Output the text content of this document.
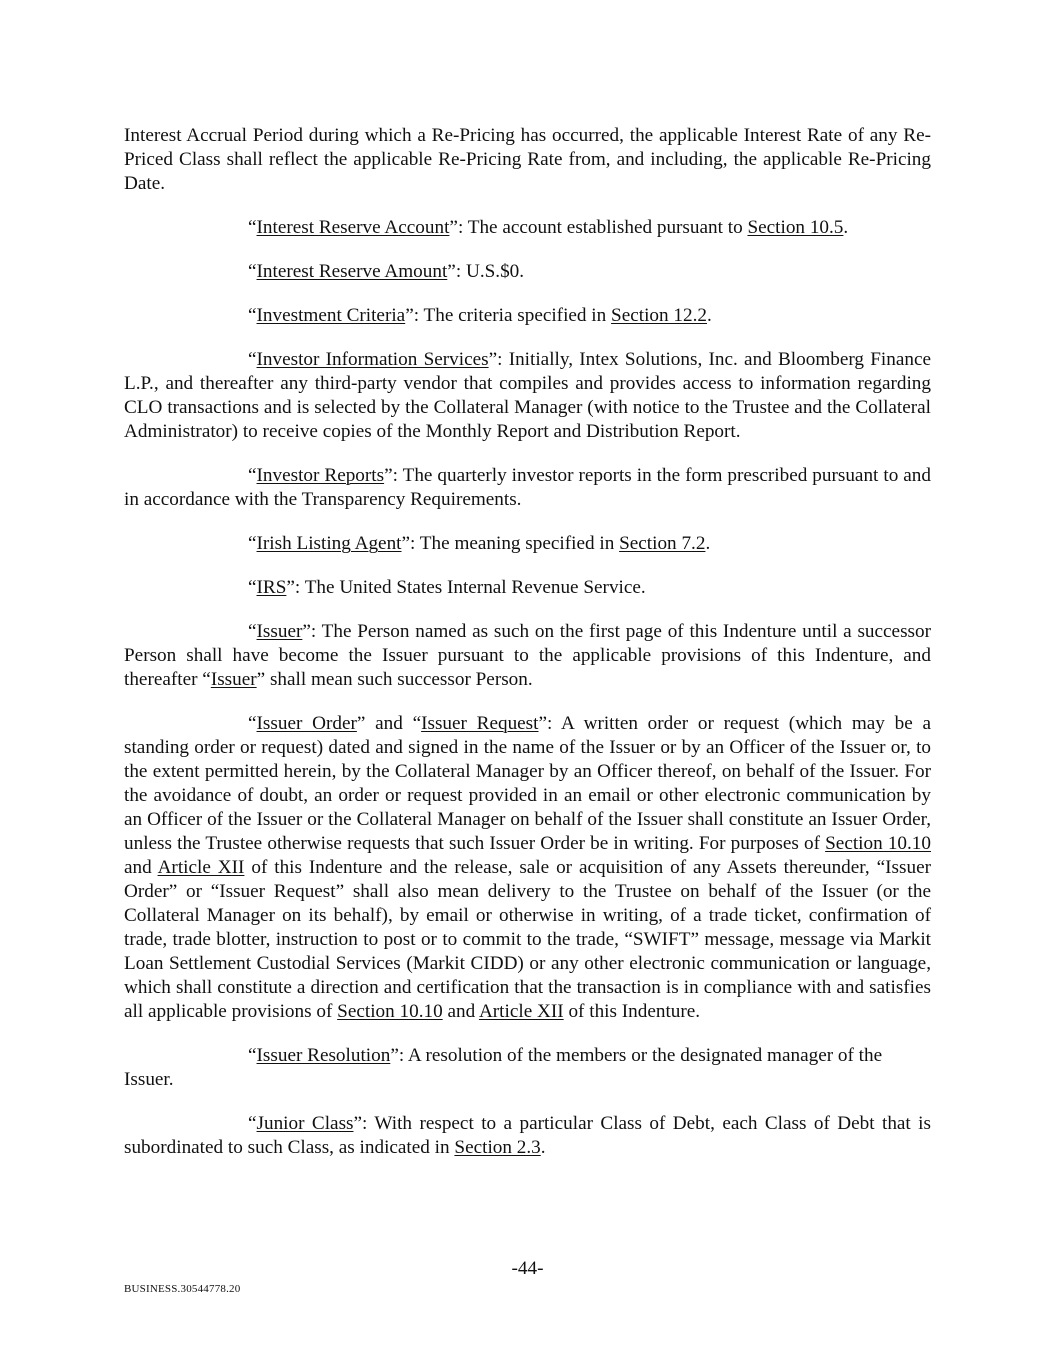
Interest Accrual Period during which a Re-Pricing has occurred, the applicable Interest Rate of any Re-Priced Class shall reflect the applicable Re-Pricing Rate from, and including, the applicable Re-Pricing Date.

“Interest Reserve Account”: The account established pursuant to Section 10.5.

“Interest Reserve Amount”: U.S.$0.

“Investment Criteria”: The criteria specified in Section 12.2.

“Investor Information Services”: Initially, Intex Solutions, Inc. and Bloomberg Finance L.P., and thereafter any third-party vendor that compiles and provides access to information regarding CLO transactions and is selected by the Collateral Manager (with notice to the Trustee and the Collateral Administrator) to receive copies of the Monthly Report and Distribution Report.

“Investor Reports”: The quarterly investor reports in the form prescribed pursuant to and in accordance with the Transparency Requirements.

“Irish Listing Agent”: The meaning specified in Section 7.2.

“IRS”: The United States Internal Revenue Service.

“Issuer”: The Person named as such on the first page of this Indenture until a successor Person shall have become the Issuer pursuant to the applicable provisions of this Indenture, and thereafter “Issuer” shall mean such successor Person.

“Issuer Order” and “Issuer Request”: A written order or request (which may be a standing order or request) dated and signed in the name of the Issuer or by an Officer of the Issuer or, to the extent permitted herein, by the Collateral Manager by an Officer thereof, on behalf of the Issuer. For the avoidance of doubt, an order or request provided in an email or other electronic communication by an Officer of the Issuer or the Collateral Manager on behalf of the Issuer shall constitute an Issuer Order, unless the Trustee otherwise requests that such Issuer Order be in writing. For purposes of Section 10.10 and Article XII of this Indenture and the release, sale or acquisition of any Assets thereunder, “Issuer Order” or “Issuer Request” shall also mean delivery to the Trustee on behalf of the Issuer (or the Collateral Manager on its behalf), by email or otherwise in writing, of a trade ticket, confirmation of trade, trade blotter, instruction to post or to commit to the trade, “SWIFT” message, message via Markit Loan Settlement Custodial Services (Markit CIDD) or any other electronic communication or language, which shall constitute a direction and certification that the transaction is in compliance with and satisfies all applicable provisions of Section 10.10 and Article XII of this Indenture.

“Issuer Resolution”: A resolution of the members or the designated manager of the

Issuer.

“Junior Class”: With respect to a particular Class of Debt, each Class of Debt that is subordinated to such Class, as indicated in Section 2.3.

-44-
BUSINESS.30544778.20
